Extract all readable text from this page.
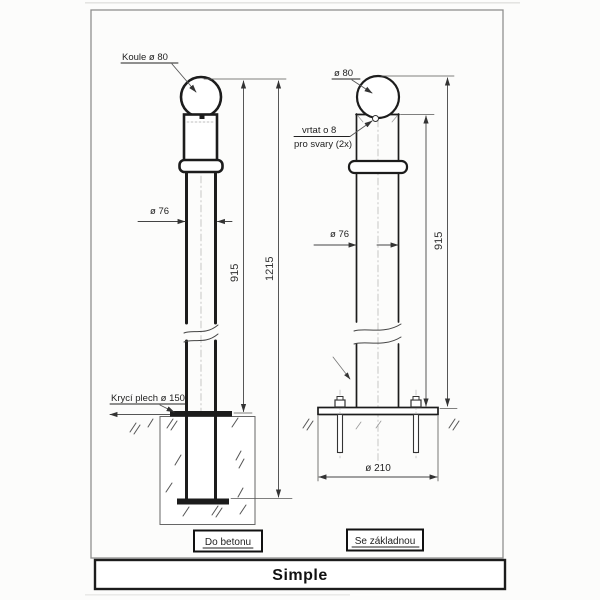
Koule ø 80
Krycí plech ø 150
ø 76
915 1215
Do betonu
ø 80
vrtat o 8
pro svary (2x)
ø 76	915
ø 210
Se základnou
Simple
